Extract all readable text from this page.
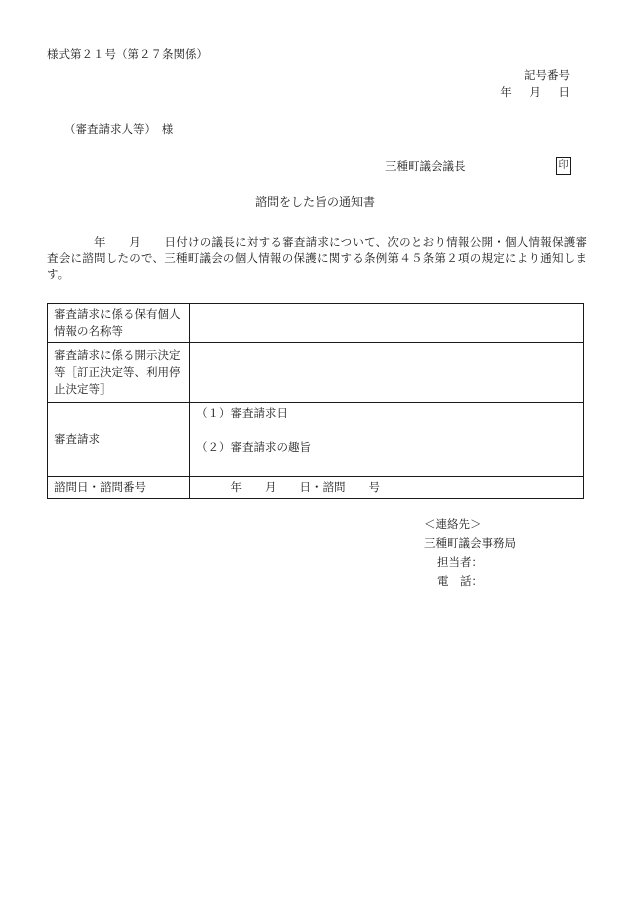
様式第２１号（第２７条関係）
記号番号
年 月 日
（審査請求人等）　様
三種町議会議長	印
諮問をした旨の通知書
　　　　年　　月　　日付けの議長に対する審査請求について、次のとおり情報公開・個人情報保護審査会に諮問したので、三種町議会の個人情報の保護に関する条例第４５条第２項の規定により通知します。
審査請求に係る保有個人情報の名称等	
審査請求に係る開示決定等［訂正決定等、利用停止決定等］	
審査請求	（１）審査請求日
（２）審査請求の趣旨

諮問日・諮問番号	　　　年　　月　　日・諮問　　号
＜連絡先＞
三種町議会事務局
担当者：
電　話：
